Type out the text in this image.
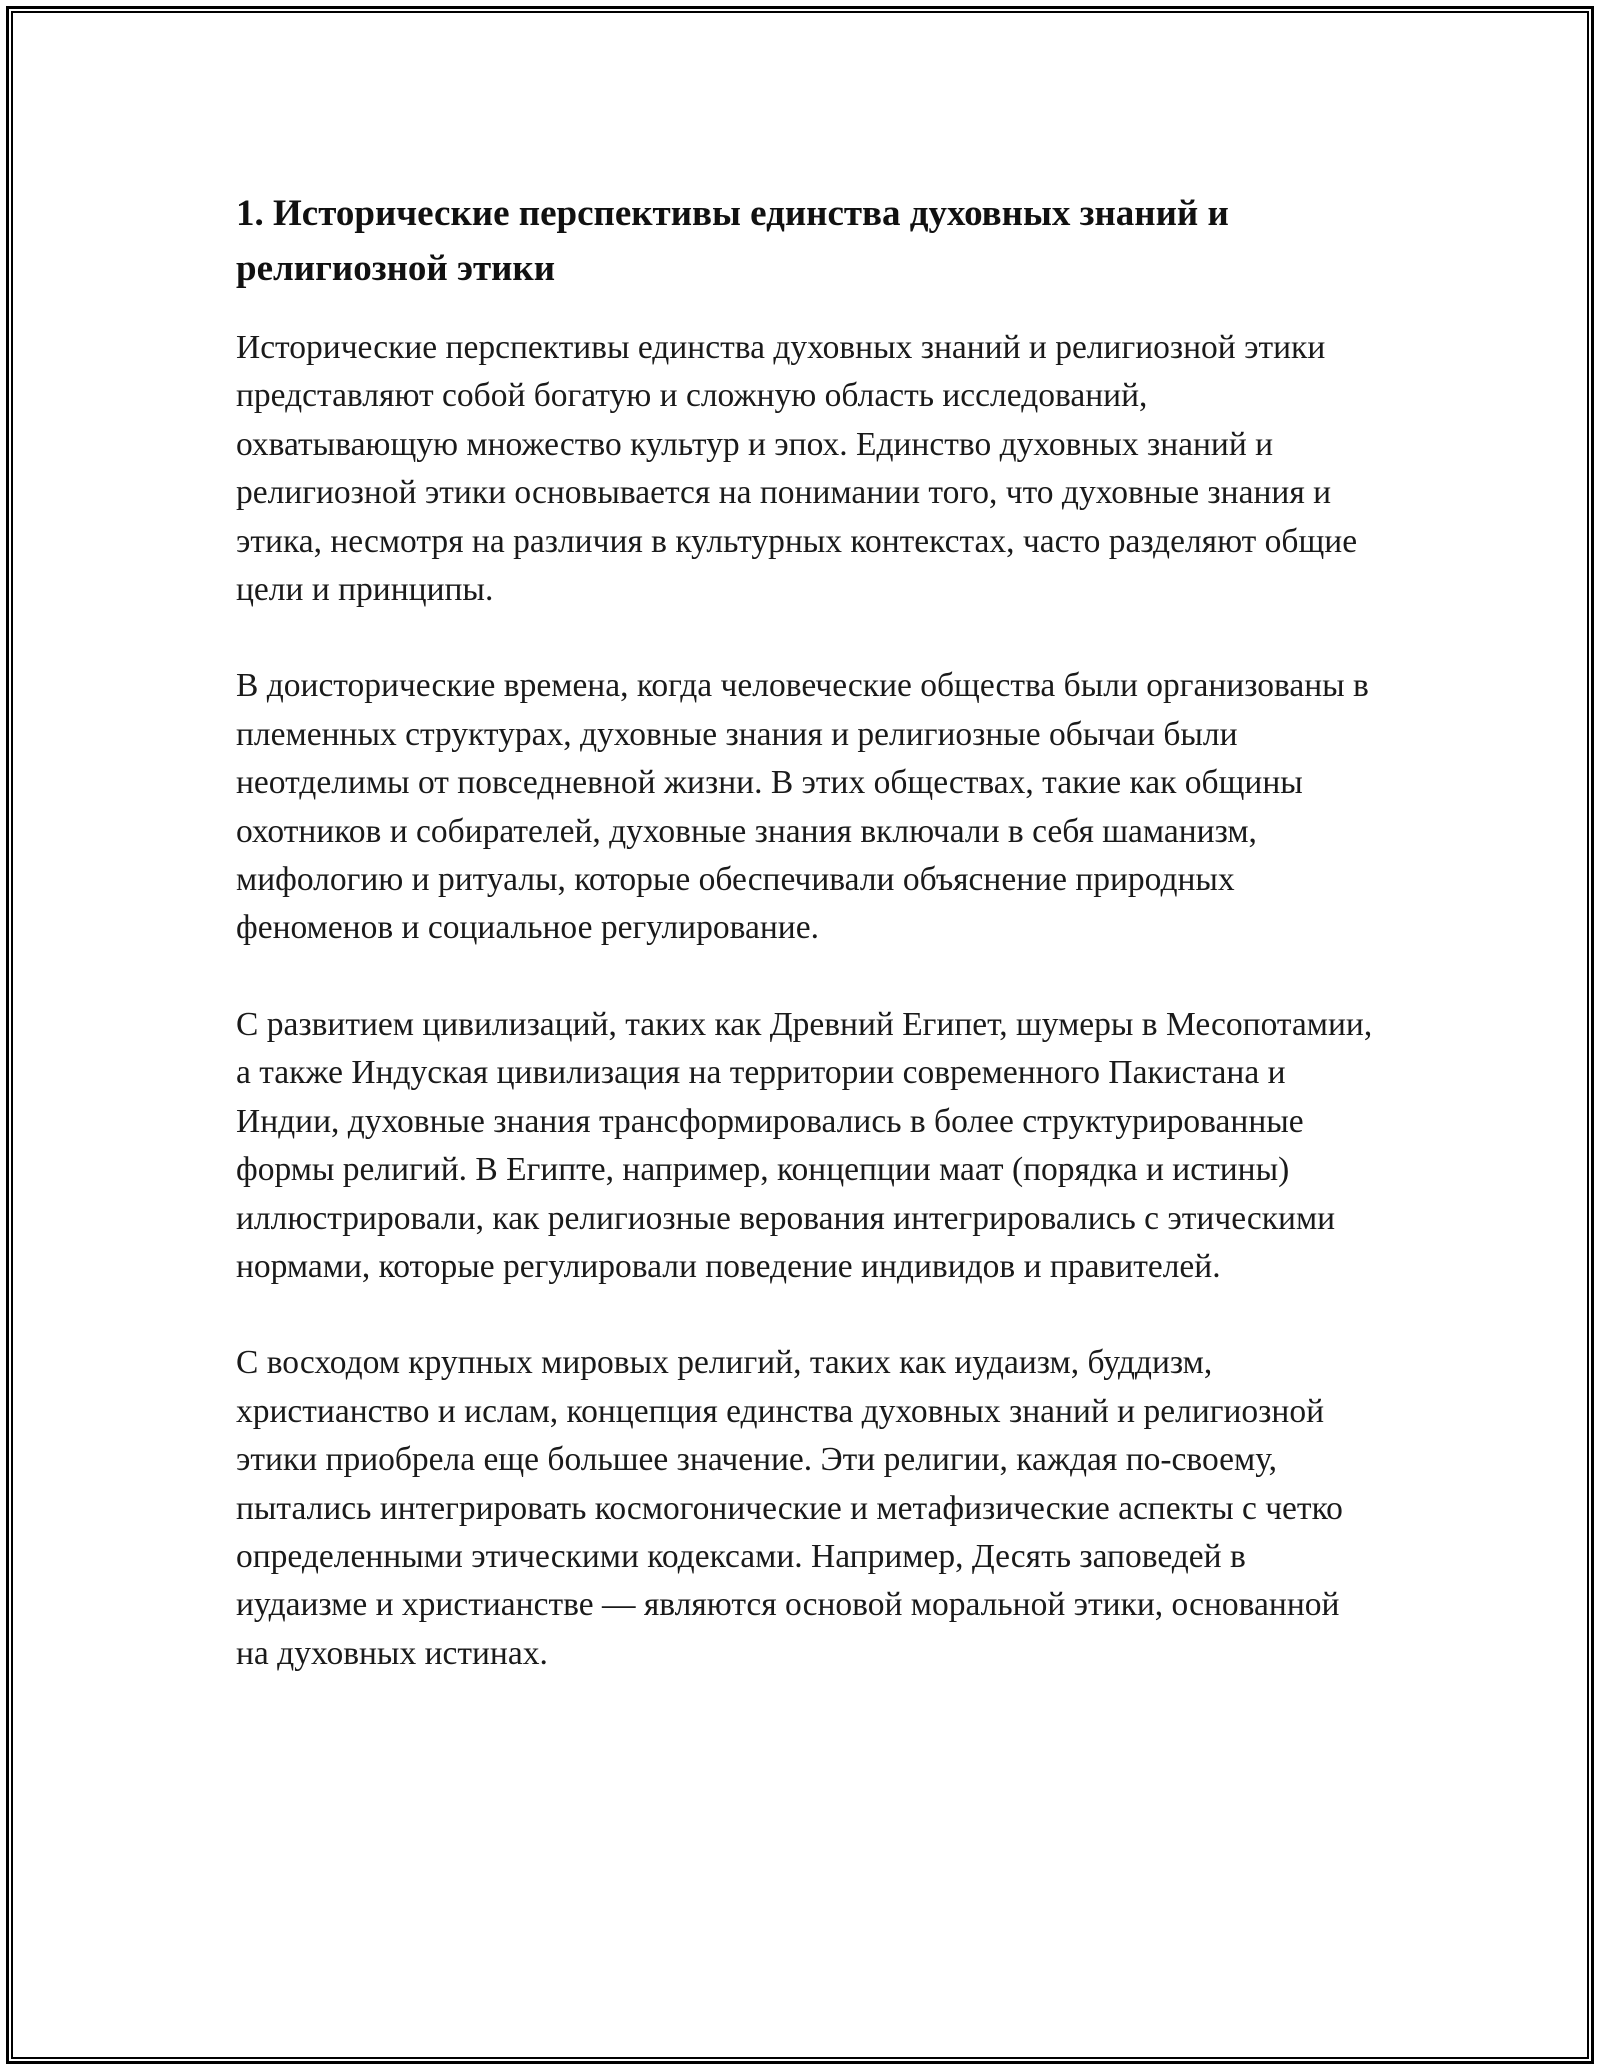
1. Исторические перспективы единства духовных знаний и религиозной этики

Исторические перспективы единства духовных знаний и религиозной этики представляют собой богатую и сложную область исследований, охватывающую множество культур и эпох. Единство духовных знаний и религиозной этики основывается на понимании того, что духовные знания и этика, несмотря на различия в культурных контекстах, часто разделяют общие цели и принципы.

В доисторические времена, когда человеческие общества были организованы в племенных структурах, духовные знания и религиозные обычаи были неотделимы от повседневной жизни. В этих обществах, такие как общины охотников и собирателей, духовные знания включали в себя шаманизм, мифологию и ритуалы, которые обеспечивали объяснение природных феноменов и социальное регулирование.

С развитием цивилизаций, таких как Древний Египет, шумеры в Месопотамии, а также Индуская цивилизация на территории современного Пакистана и Индии, духовные знания трансформировались в более структурированные формы религий. В Египте, например, концепции маат (порядка и истины) иллюстрировали, как религиозные верования интегрировались с этическими нормами, которые регулировали поведение индивидов и правителей.

С восходом крупных мировых религий, таких как иудаизм, буддизм, христианство и ислам, концепция единства духовных знаний и религиозной этики приобрела еще большее значение. Эти религии, каждая по-своему, пытались интегрировать космогонические и метафизические аспекты с четко определенными этическими кодексами. Например, Десять заповедей в иудаизме и христианстве — являются основой моральной этики, основанной на духовных истинах.
